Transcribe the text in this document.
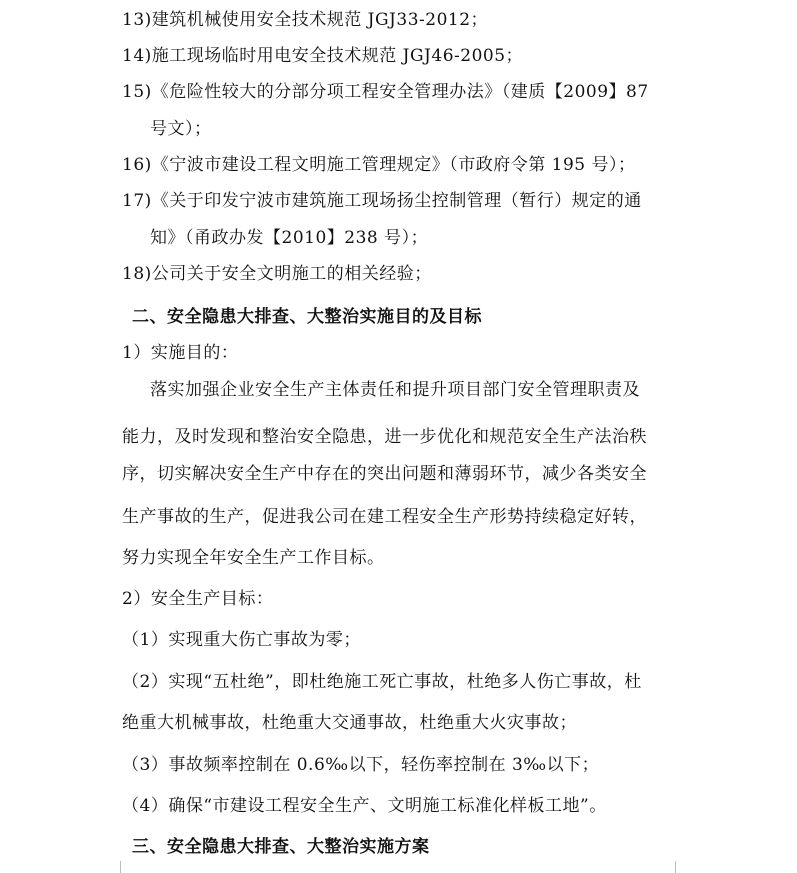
13)建筑机械使用安全技术规范 JGJ33-2012；
14)施工现场临时用电安全技术规范 JGJ46-2005；
15)《危险性较大的分部分项工程安全管理办法》（建质【2009】87
号文）；
16)《宁波市建设工程文明施工管理规定》（市政府令第 195 号）；
17)《关于印发宁波市建筑施工现场扬尘控制管理（暂行）规定的通
知》（甬政办发【2010】238 号）；
18)公司关于安全文明施工的相关经验；
二、安全隐患大排查、大整治实施目的及目标
1）实施目的：
落实加强企业安全生产主体责任和提升项目部门安全管理职责及
能力，及时发现和整治安全隐患，进一步优化和规范安全生产法治秩
序，切实解决安全生产中存在的突出问题和薄弱环节，减少各类安全
生产事故的生产，促进我公司在建工程安全生产形势持续稳定好转，
努力实现全年安全生产工作目标。
2）安全生产目标：
（1）实现重大伤亡事故为零；
（2）实现“五杜绝”，即杜绝施工死亡事故，杜绝多人伤亡事故，杜
绝重大机械事故，杜绝重大交通事故，杜绝重大火灾事故；
（3）事故频率控制在 0.6‰以下，轻伤率控制在 3‰以下；
（4）确保“市建设工程安全生产、文明施工标准化样板工地”。
三、安全隐患大排查、大整治实施方案
